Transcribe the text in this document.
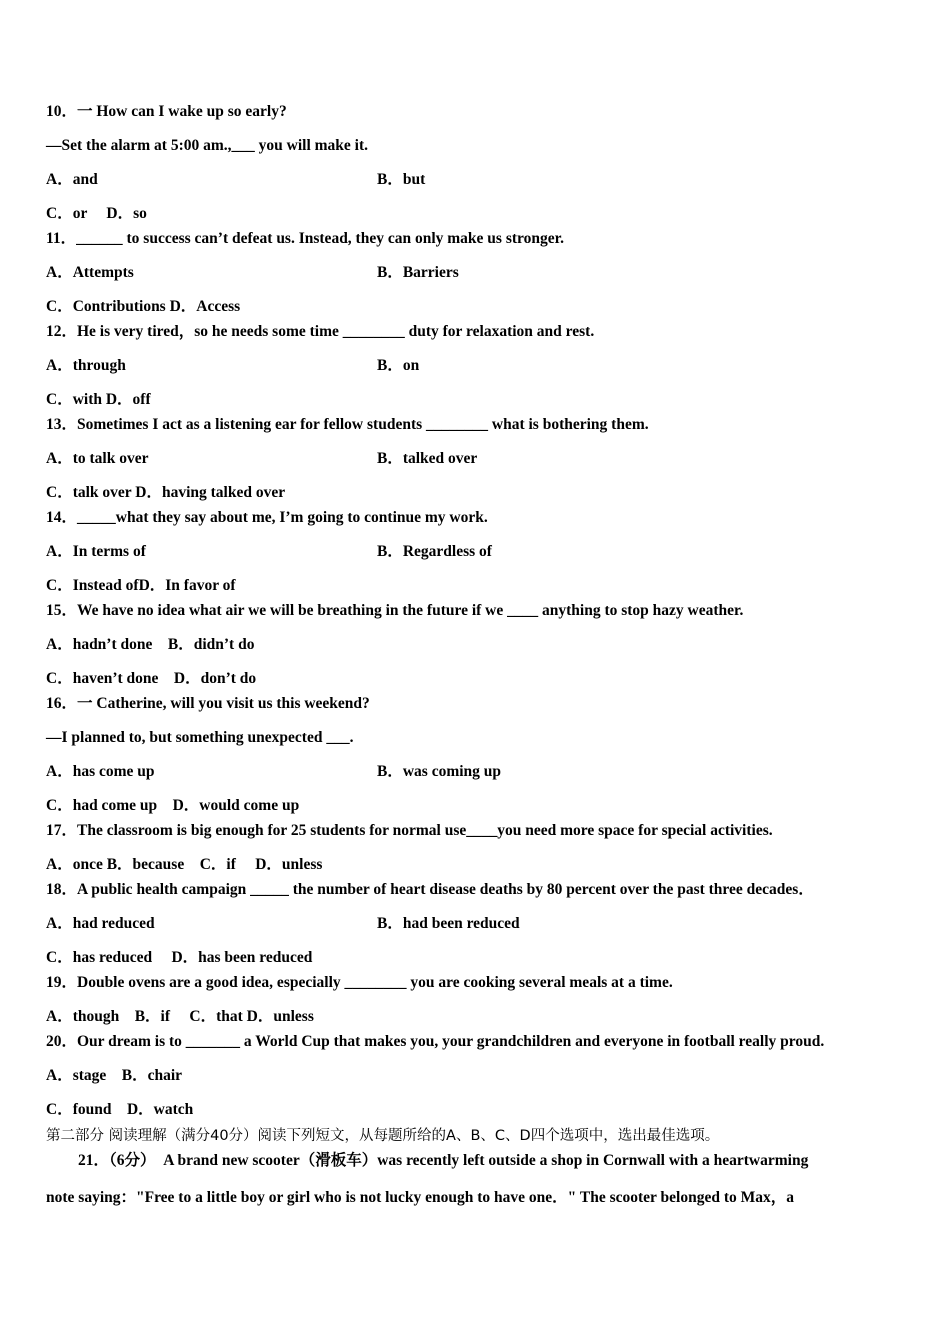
10．一 How can I wake up so early?
—Set the alarm at 5:00 am.,___ you will make it.
A．and	B．but
C．or　 D．so
11．______ to success can’t defeat us. Instead, they can only make us stronger.
A．Attempts	B．Barriers
C．Contributions D．Access
12．He is very tired，so he needs some time ________ duty for relaxation and rest.
A．through	B．on
C．with D．off
13．Sometimes I act as a listening ear for fellow students ________ what is bothering them.
A．to talk over	B．talked over
C．talk over D．having talked over
14．_____what they say about me, I’m going to continue my work.
A．In terms of	B．Regardless of
C．Instead ofD．In favor of
15．We have no idea what air we will be breathing in the future if we ____ anything to stop hazy weather.
A．hadn’t done　B．didn’t do
C．haven’t done　D．don’t do
16．一 Catherine, will you visit us this weekend?
—I planned to, but something unexpected ___.
A．has come up	B．was coming up
C．had come up　D．would come up
17．The classroom is big enough for 25 students for normal use____you need more space for special activities.
A．once B．because　C．if　 D．unless
18．A public health campaign _____ the number of heart disease deaths by 80 percent over the past three decades．
A．had reduced	B．had been reduced
C．has reduced　 D．has been reduced
19．Double ovens are a good idea, especially ________ you are cooking several meals at a time.
A．though　B．if　 C．that D．unless
20．Our dream is to _______ a World Cup that makes you, your grandchildren and everyone in football really proud.
A．stage　B．chair
C．found　D．watch
第二部分 阅读理解（满分40分）阅读下列短文，从每题所给的A、B、C、D四个选项中，选出最佳选项。
21．（6分）　A brand new scooter（滑板车）was recently left outside a shop in Cornwall with a heartwarming
note saying："Free to a little boy or girl who is not lucky enough to have one．" The scooter belonged to Max，a
